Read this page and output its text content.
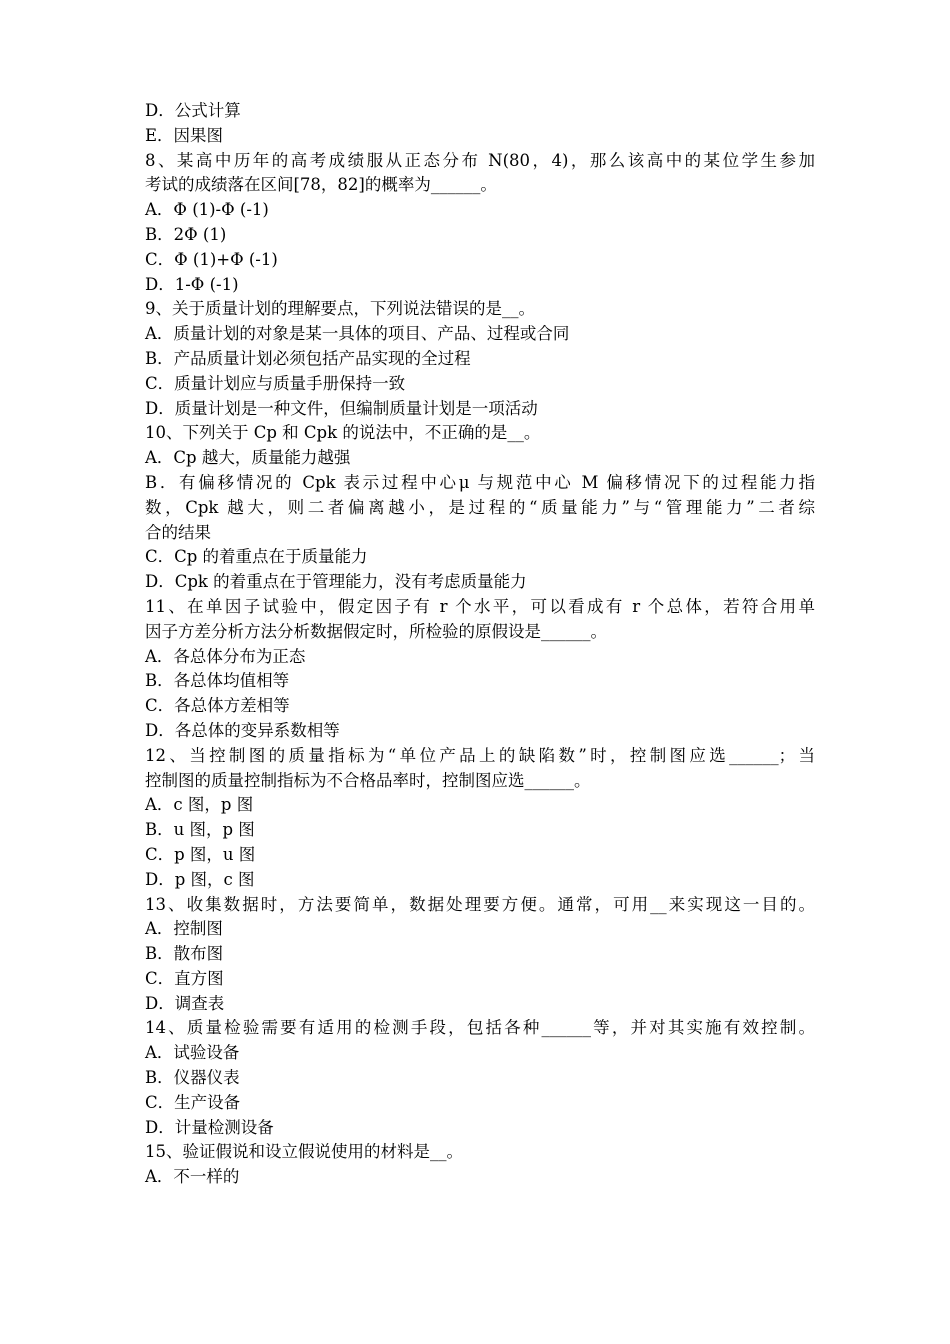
D．公式计算

E．因果图

8、某高中历年的高考成绩服从正态分布 N(80，4)，那么该高中的某位学生参加

考试的成绩落在区间[78，82]的概率为______。

A．Φ (1)-Φ (-1)

B．2Φ (1)

C．Φ (1)+Φ (-1)

D．1-Φ (-1)

9、关于质量计划的理解要点，下列说法错误的是__。

A．质量计划的对象是某一具体的项目、产品、过程或合同

B．产品质量计划必须包括产品实现的全过程

C．质量计划应与质量手册保持一致

D．质量计划是一种文件，但编制质量计划是一项活动

10、下列关于 Cp 和 Cpk 的说法中，不正确的是__。

A．Cp 越大，质量能力越强

B．有偏移情况的 Cpk 表示过程中心μ 与规范中心 M 偏移情况下的过程能力指

数，Cpk 越大，则二者偏离越小，是过程的“质量能力”与“管理能力”二者综

合的结果

C．Cp 的着重点在于质量能力

D．Cpk 的着重点在于管理能力，没有考虑质量能力

11、在单因子试验中，假定因子有 r 个水平，可以看成有 r 个总体，若符合用单

因子方差分析方法分析数据假定时，所检验的原假设是______。

A．各总体分布为正态

B．各总体均值相等

C．各总体方差相等

D．各总体的变异系数相等

12、当控制图的质量指标为“单位产品上的缺陷数”时，控制图应选______；当

控制图的质量控制指标为不合格品率时，控制图应选______。

A．c 图，p 图

B．u 图，p 图

C．p 图，u 图

D．p 图，c 图

13、收集数据时，方法要简单，数据处理要方便。通常，可用__来实现这一目的。

A．控制图

B．散布图

C．直方图

D．调查表

14、质量检验需要有适用的检测手段，包括各种______等，并对其实施有效控制。

A．试验设备

B．仪器仪表

C．生产设备

D．计量检测设备

15、验证假说和设立假说使用的材料是__。

A．不一样的
